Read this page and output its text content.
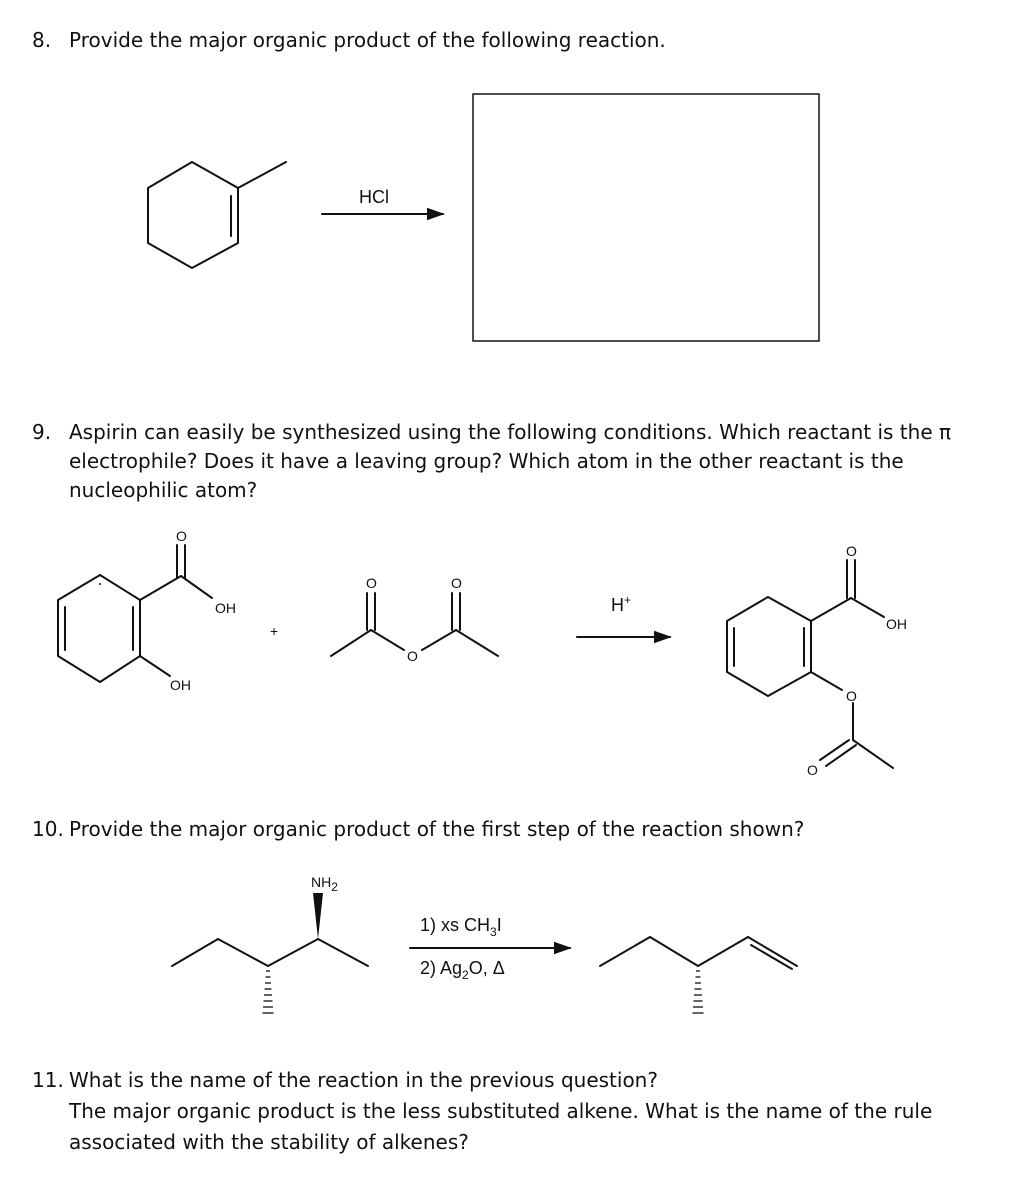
8. Provide the major organic product of the following reaction.
9. Aspirin can easily be synthesized using the following conditions. Which reactant is the π
electrophile? Does it have a leaving group? Which atom in the other reactant is the
nucleophilic atom?
10. Provide the major organic product of the first step of the reaction shown?
11. What is the name of the reaction in the previous question?
The major organic product is the less substituted alkene. What is the name of the rule
associated with the stability of alkenes?
HCl
O
OH
OH
+
O	O
O
H+
O
OH
O
O
NH2
1) xs $CH_3I$
2) $Ag_2O$, Δ
